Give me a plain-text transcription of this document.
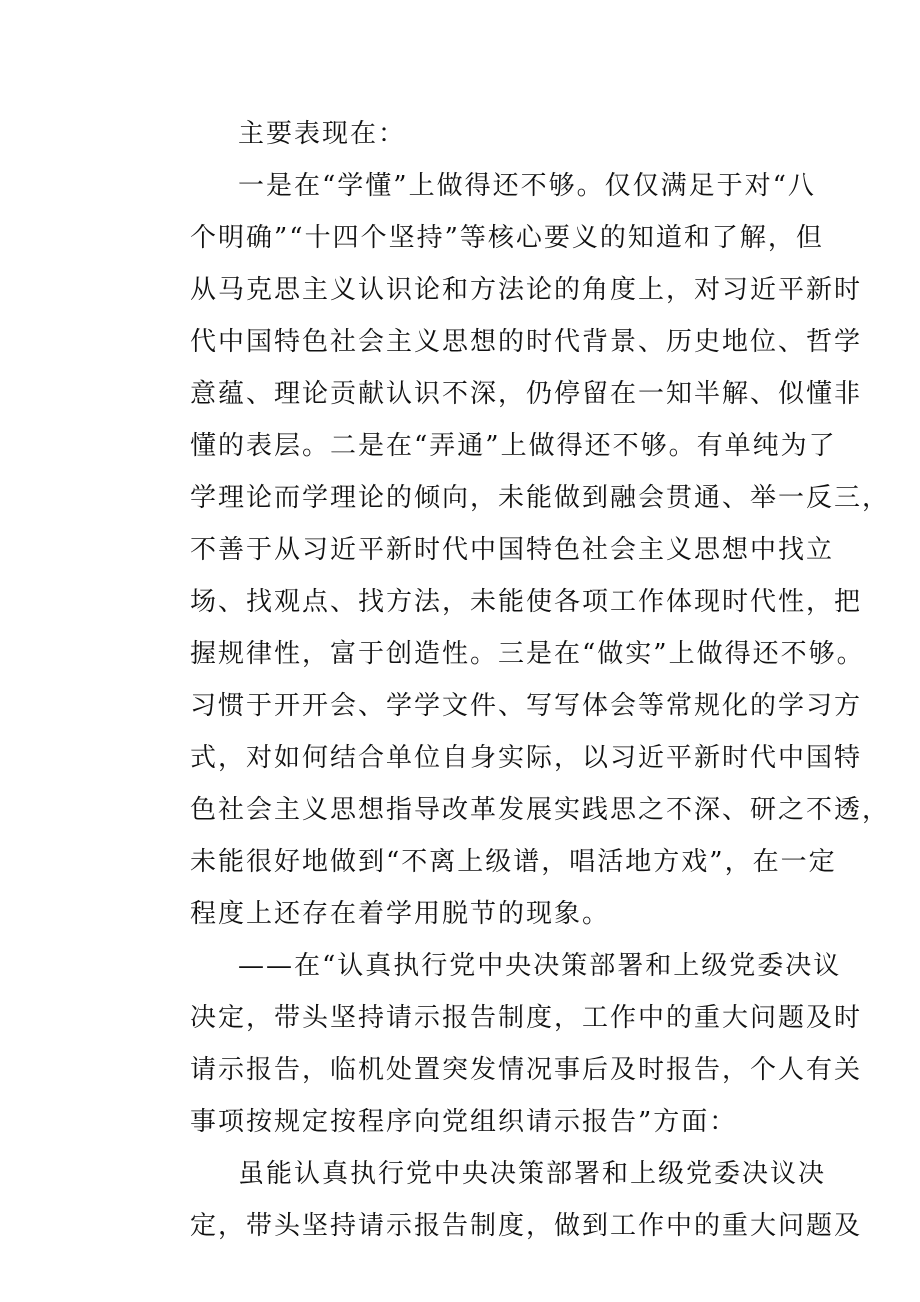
主要表现在：

一是在“学懂”上做得还不够。仅仅满足于对“八

个明确”“十四个坚持”等核心要义的知道和了解，但

从马克思主义认识论和方法论的角度上，对习近平新时

代中国特色社会主义思想的时代背景、历史地位、哲学

意蕴、理论贡献认识不深，仍停留在一知半解、似懂非

懂的表层。二是在“弄通”上做得还不够。有单纯为了

学理论而学理论的倾向，未能做到融会贯通、举一反三，

不善于从习近平新时代中国特色社会主义思想中找立

场、找观点、找方法，未能使各项工作体现时代性，把

握规律性，富于创造性。三是在“做实”上做得还不够。

习惯于开开会、学学文件、写写体会等常规化的学习方

式，对如何结合单位自身实际，以习近平新时代中国特

色社会主义思想指导改革发展实践思之不深、研之不透，

未能很好地做到“不离上级谱，唱活地方戏”，在一定

程度上还存在着学用脱节的现象。

——在“认真执行党中央决策部署和上级党委决议

决定，带头坚持请示报告制度，工作中的重大问题及时

请示报告，临机处置突发情况事后及时报告，个人有关

事项按规定按程序向党组织请示报告”方面：

虽能认真执行党中央决策部署和上级党委决议决

定，带头坚持请示报告制度，做到工作中的重大问题及
